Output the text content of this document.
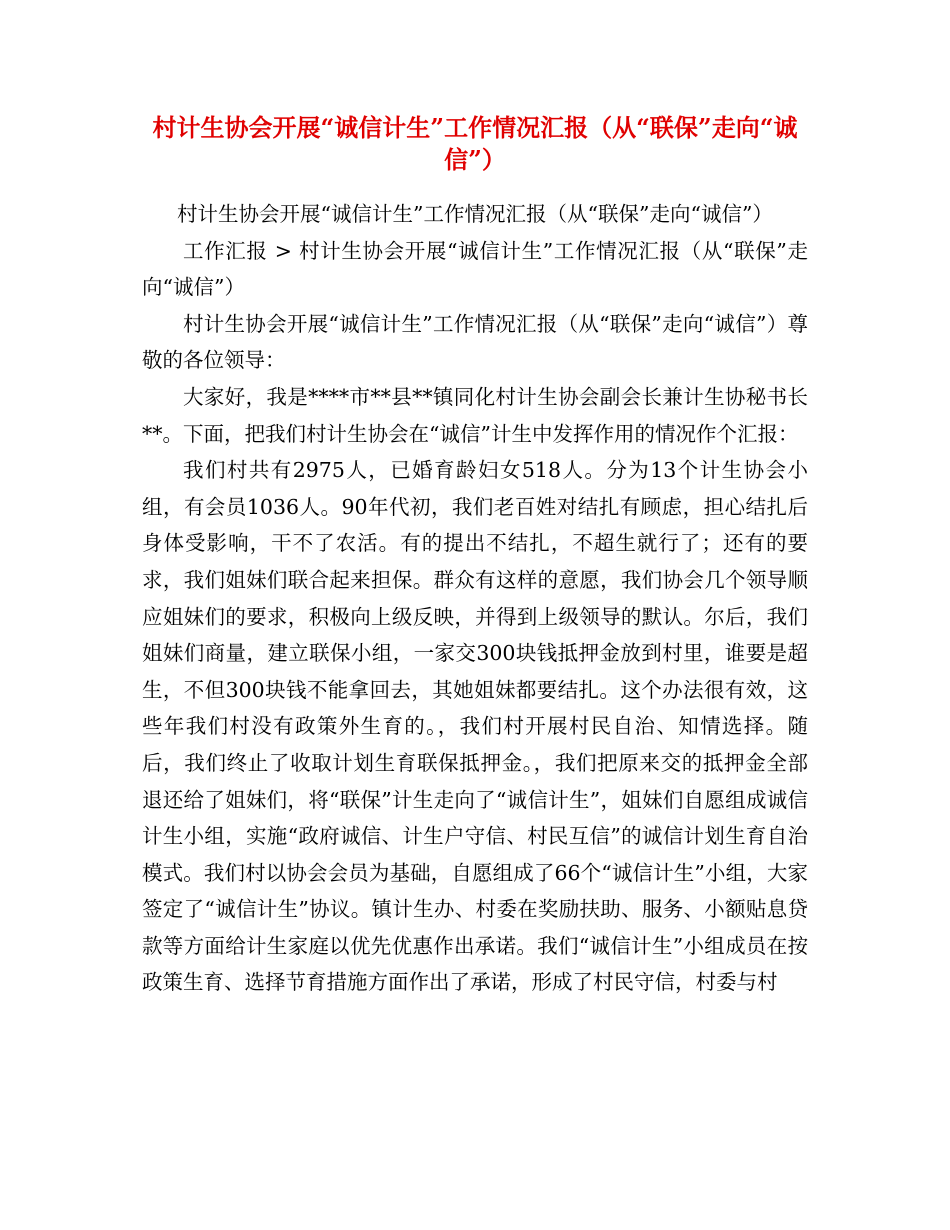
村计生协会开展“诚信计生”工作情况汇报（从“联保”走向“诚信”）

村计生协会开展“诚信计生”工作情况汇报（从“联保”走向“诚信”）

工作汇报 > 村计生协会开展“诚信计生”工作情况汇报（从“联保”走向“诚信”）

村计生协会开展“诚信计生”工作情况汇报（从“联保”走向“诚信”）尊敬的各位领导：

大家好，我是****市**县**镇同化村计生协会副会长兼计生协秘书长**。下面，把我们村计生协会在“诚信”计生中发挥作用的情况作个汇报：

我们村共有2975人，已婚育龄妇女518人。分为13个计生协会小组，有会员1036人。90年代初，我们老百姓对结扎有顾虑，担心结扎后身体受影响，干不了农活。有的提出不结扎，不超生就行了；还有的要求，我们姐妹们联合起来担保。群众有这样的意愿，我们协会几个领导顺应姐妹们的要求，积极向上级反映，并得到上级领导的默认。尔后，我们姐妹们商量，建立联保小组，一家交300块钱抵押金放到村里，谁要是超生，不但300块钱不能拿回去，其她姐妹都要结扎。这个办法很有效，这些年我们村没有政策外生育的。，我们村开展村民自治、知情选择。随后，我们终止了收取计划生育联保抵押金。，我们把原来交的抵押金全部退还给了姐妹们，将“联保”计生走向了“诚信计生”，姐妹们自愿组成诚信计生小组，实施“政府诚信、计生户守信、村民互信”的诚信计划生育自治模式。我们村以协会会员为基础，自愿组成了66个“诚信计生”小组，大家签定了“诚信计生”协议。镇计生办、村委在奖励扶助、服务、小额贴息贷款等方面给计生家庭以优先优惠作出承诺。我们“诚信计生”小组成员在按政策生育、选择节育措施方面作出了承诺，形成了村民守信，村委与村
